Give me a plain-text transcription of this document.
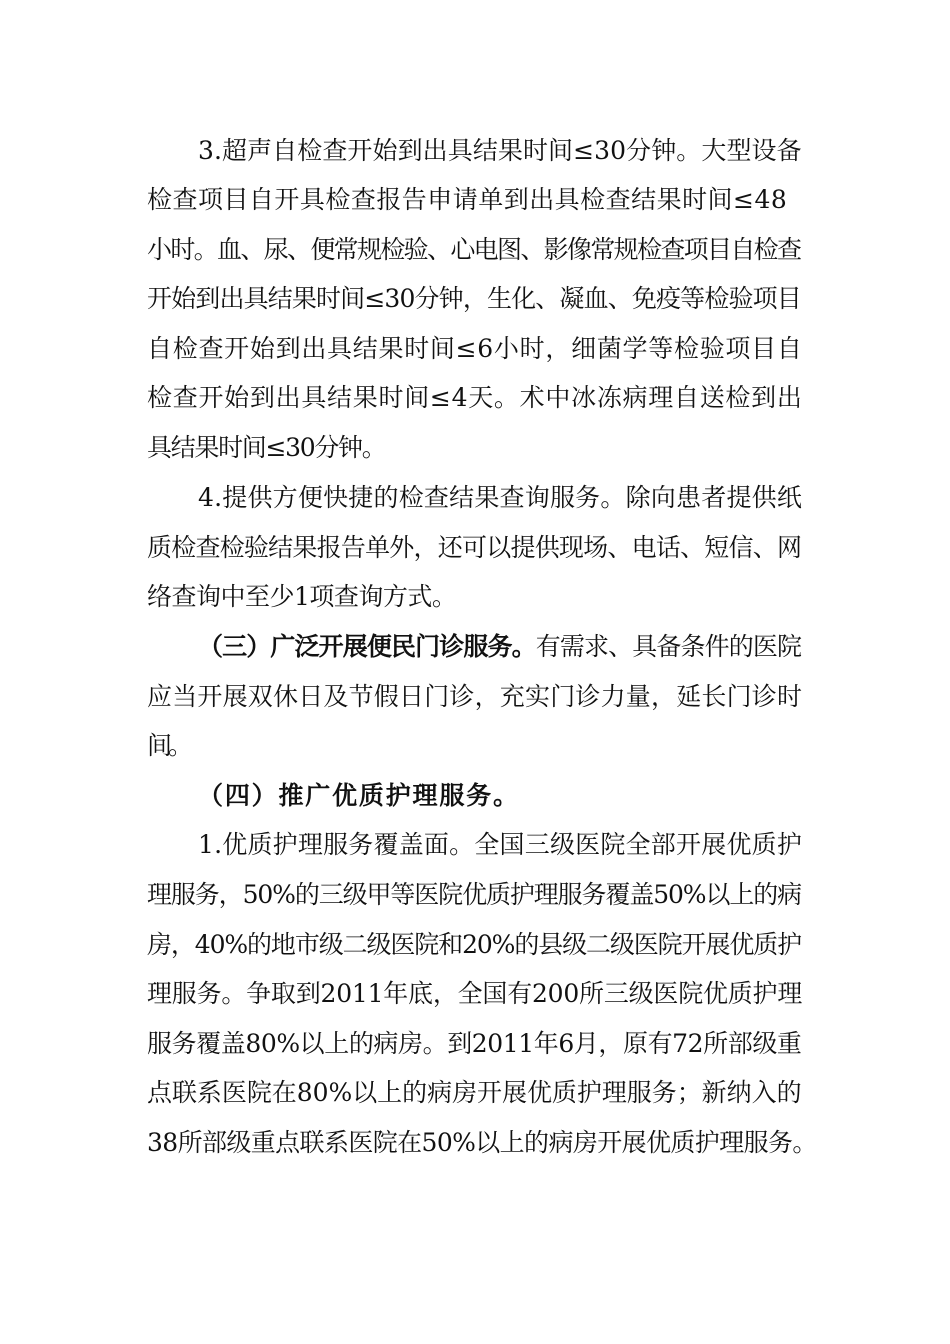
3.超声自检查开始到出具结果时间≤30分钟。大型设备
检查项目自开具检查报告申请单到出具检查结果时间≤48
小时。血、尿、便常规检验、心电图、影像常规检查项目自检查
开始到出具结果时间≤30分钟，生化、凝血、免疫等检验项目
自检查开始到出具结果时间≤6小时，细菌学等检验项目自
检查开始到出具结果时间≤4天。术中冰冻病理自送检到出
具结果时间≤30分钟。
4.提供方便快捷的检查结果查询服务。除向患者提供纸
质检查检验结果报告单外，还可以提供现场、电话、短信、网
络查询中至少1项查询方式。
（三）广泛开展便民门诊服务。有需求、具备条件的医院
应当开展双休日及节假日门诊，充实门诊力量，延长门诊时
间。
（四）推广优质护理服务。
1.优质护理服务覆盖面。全国三级医院全部开展优质护
理服务，50%的三级甲等医院优质护理服务覆盖50%以上的病
房，40%的地市级二级医院和20%的县级二级医院开展优质护
理服务。争取到2011年底，全国有200所三级医院优质护理
服务覆盖80%以上的病房。到2011年6月，原有72所部级重
点联系医院在80%以上的病房开展优质护理服务；新纳入的
38所部级重点联系医院在50%以上的病房开展优质护理服务。
